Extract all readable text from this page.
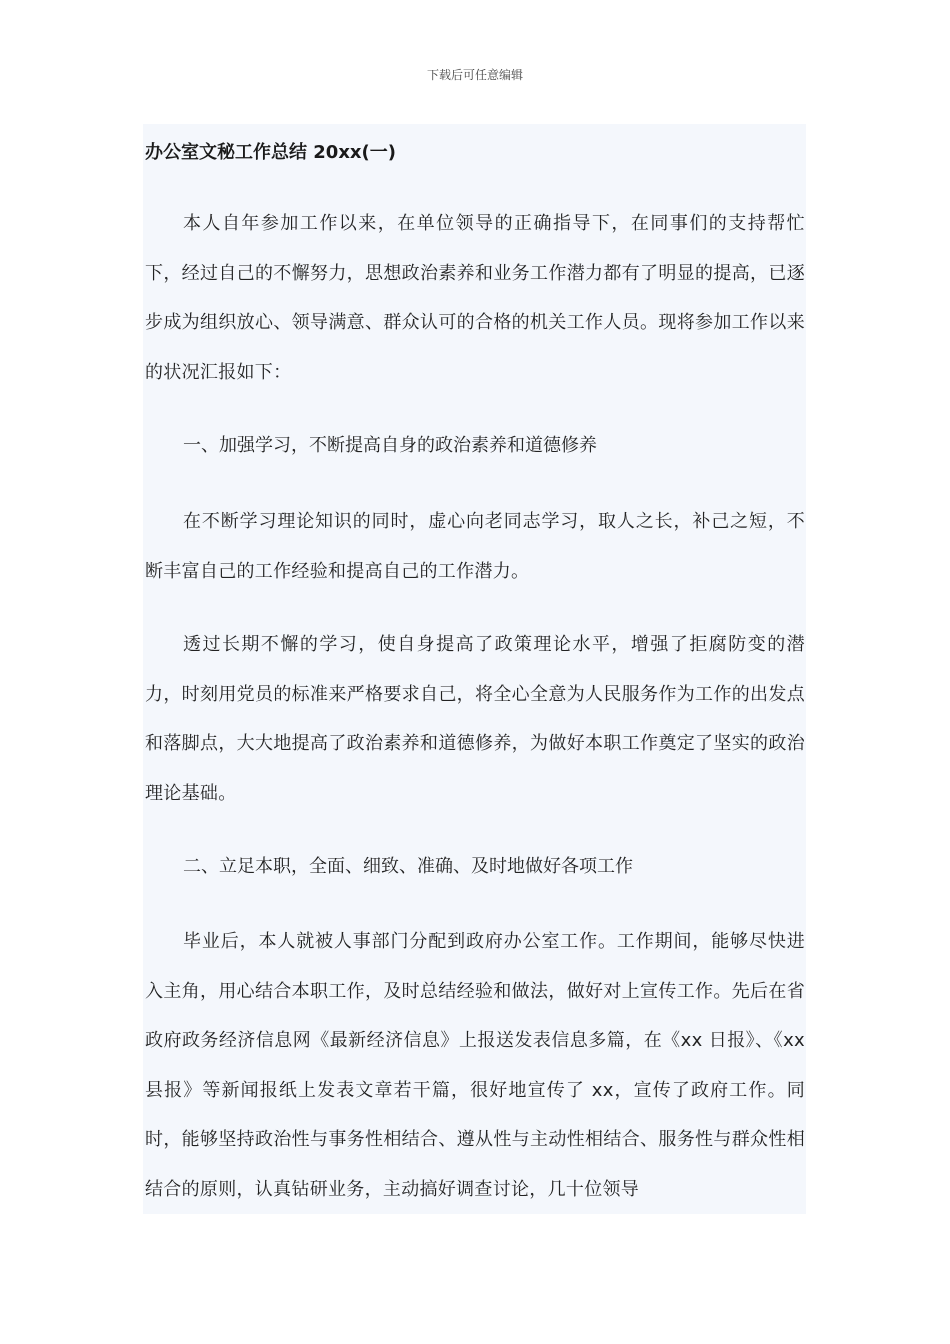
下载后可任意编辑
办公室文秘工作总结 20xx(一)

本人自年参加工作以来，在单位领导的正确指导下，在同事们的支持帮忙下，经过自己的不懈努力，思想政治素养和业务工作潜力都有了明显的提高，已逐步成为组织放心、领导满意、群众认可的合格的机关工作人员。现将参加工作以来的状况汇报如下：

一、加强学习，不断提高自身的政治素养和道德修养

在不断学习理论知识的同时，虚心向老同志学习，取人之长，补己之短，不断丰富自己的工作经验和提高自己的工作潜力。

透过长期不懈的学习，使自身提高了政策理论水平，增强了拒腐防变的潜力，时刻用党员的标准来严格要求自己，将全心全意为人民服务作为工作的出发点和落脚点，大大地提高了政治素养和道德修养，为做好本职工作奠定了坚实的政治理论基础。

二、立足本职，全面、细致、准确、及时地做好各项工作

毕业后，本人就被人事部门分配到政府办公室工作。工作期间，能够尽快进入主角，用心结合本职工作，及时总结经验和做法，做好对上宣传工作。先后在省政府政务经济信息网《最新经济信息》上报送发表信息多篇，在《xx 日报》、《xx 县报》等新闻报纸上发表文章若干篇，很好地宣传了 xx，宣传了政府工作。同时，能够坚持政治性与事务性相结合、遵从性与主动性相结合、服务性与群众性相结合的原则，认真钻研业务，主动搞好调查讨论，几十位领导
